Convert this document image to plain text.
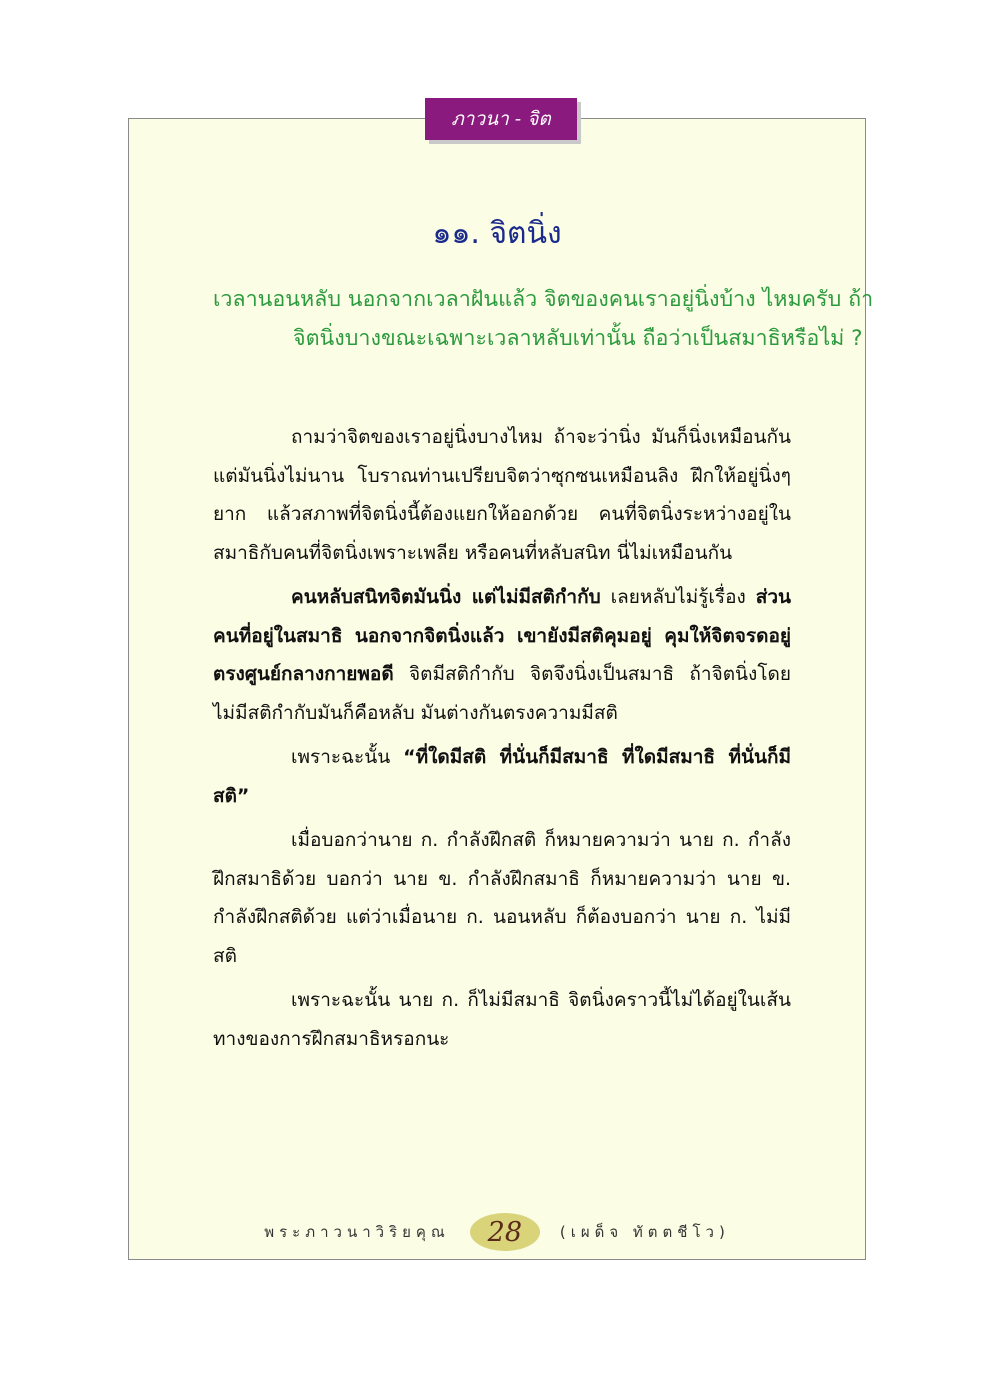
ภาวนา - จิต
๑๑. จิตนิ่ง
เวลานอนหลับ นอกจากเวลาฝันแล้ว จิตของคนเราอยู่นิ่งบ้าง ไหมครับ ถ้าจิตนิ่งบางขณะเฉพาะเวลาหลับเท่านั้น ถือว่าเป็นสมาธิหรือไม่ ?

ถามว่าจิตของเราอยู่นิ่งบางไหม ถ้าจะว่านิ่ง มันก็นิ่งเหมือนกัน แต่มันนิ่งไม่นาน โบราณท่านเปรียบจิตว่าซุกซนเหมือนลิง ฝึกให้อยู่นิ่งๆ ยาก แล้วสภาพที่จิตนิ่งนี้ต้องแยกให้ออกด้วย คนที่จิตนิ่งระหว่างอยู่ในสมาธิกับคนที่จิตนิ่งเพราะเพลีย หรือคนที่หลับสนิท นี่ไม่เหมือนกัน

คนหลับสนิทจิตมันนิ่ง แต่ไม่มีสติกำกับ เลยหลับไม่รู้เรื่อง ส่วนคนที่อยู่ในสมาธิ นอกจากจิตนิ่งแล้ว เขายังมีสติคุมอยู่ คุมให้จิตจรดอยู่ตรงศูนย์กลางกายพอดี จิตมีสติกำกับ จิตจึงนิ่งเป็นสมาธิ ถ้าจิตนิ่งโดยไม่มีสติกำกับมันก็คือหลับ มันต่างกันตรงความมีสติ

เพราะฉะนั้น “ที่ใดมีสติ ที่นั่นก็มีสมาธิ ที่ใดมีสมาธิ ที่นั่นก็มีสติ”

เมื่อบอกว่านาย ก. กำลังฝึกสติ ก็หมายความว่า นาย ก. กำลังฝึกสมาธิด้วย บอกว่า นาย ข. กำลังฝึกสมาธิ ก็หมายความว่า นาย ข. กำลังฝึกสติด้วย แต่ว่าเมื่อนาย ก. นอนหลับ ก็ต้องบอกว่า นาย ก. ไม่มีสติ

เพราะฉะนั้น นาย ก. ก็ไม่มีสมาธิ จิตนิ่งคราวนี้ไม่ได้อยู่ในเส้นทางของการฝึกสมาธิหรอกนะ

พระภาวนาวิริยคุณ	28	(เผด็จ ทัตตชีโว)
